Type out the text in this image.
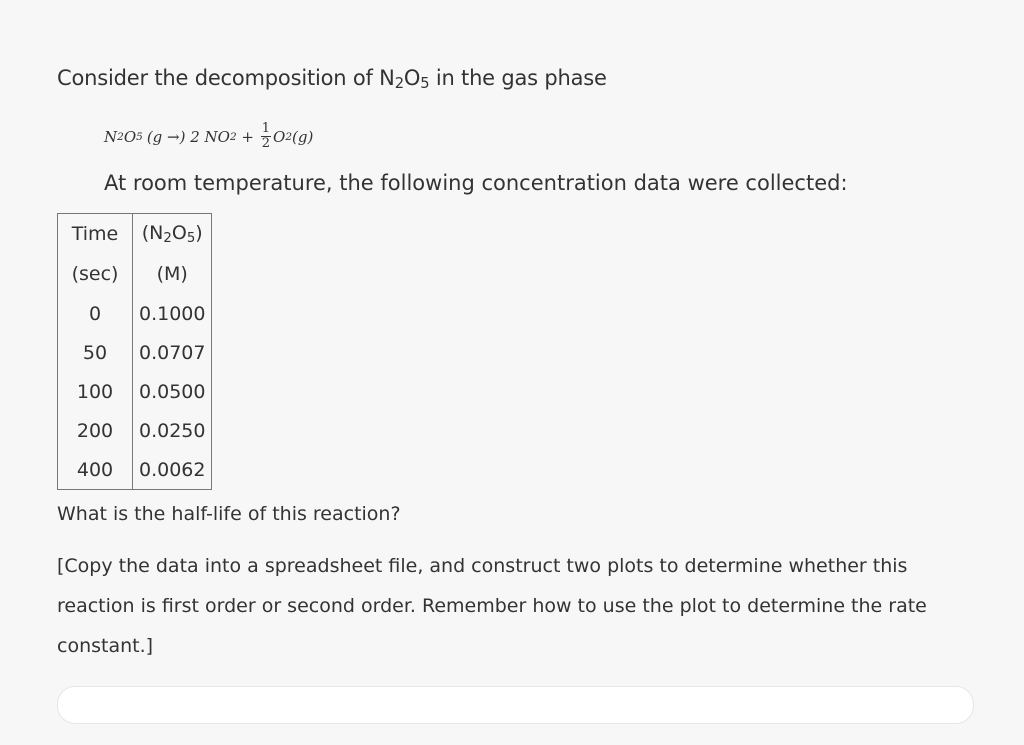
Consider the decomposition of $N_2O_5$ in the gas phase
N 2 O 5 (g →) 2 NO $2 + \frac{1}{2}$ O 2 (g)
At room temperature, the following concentration data were collected:
Time	$(N_2O_5)$
(sec)	(M)
0	0.1000
50	0.0707
100	0.0500
200	0.0250
400	0.0062
What is the half-life of this reaction?
[Copy the data into a spreadsheet file, and construct two plots to determine whether this reaction is first order or second order. Remember how to use the plot to determine the rate constant.]
